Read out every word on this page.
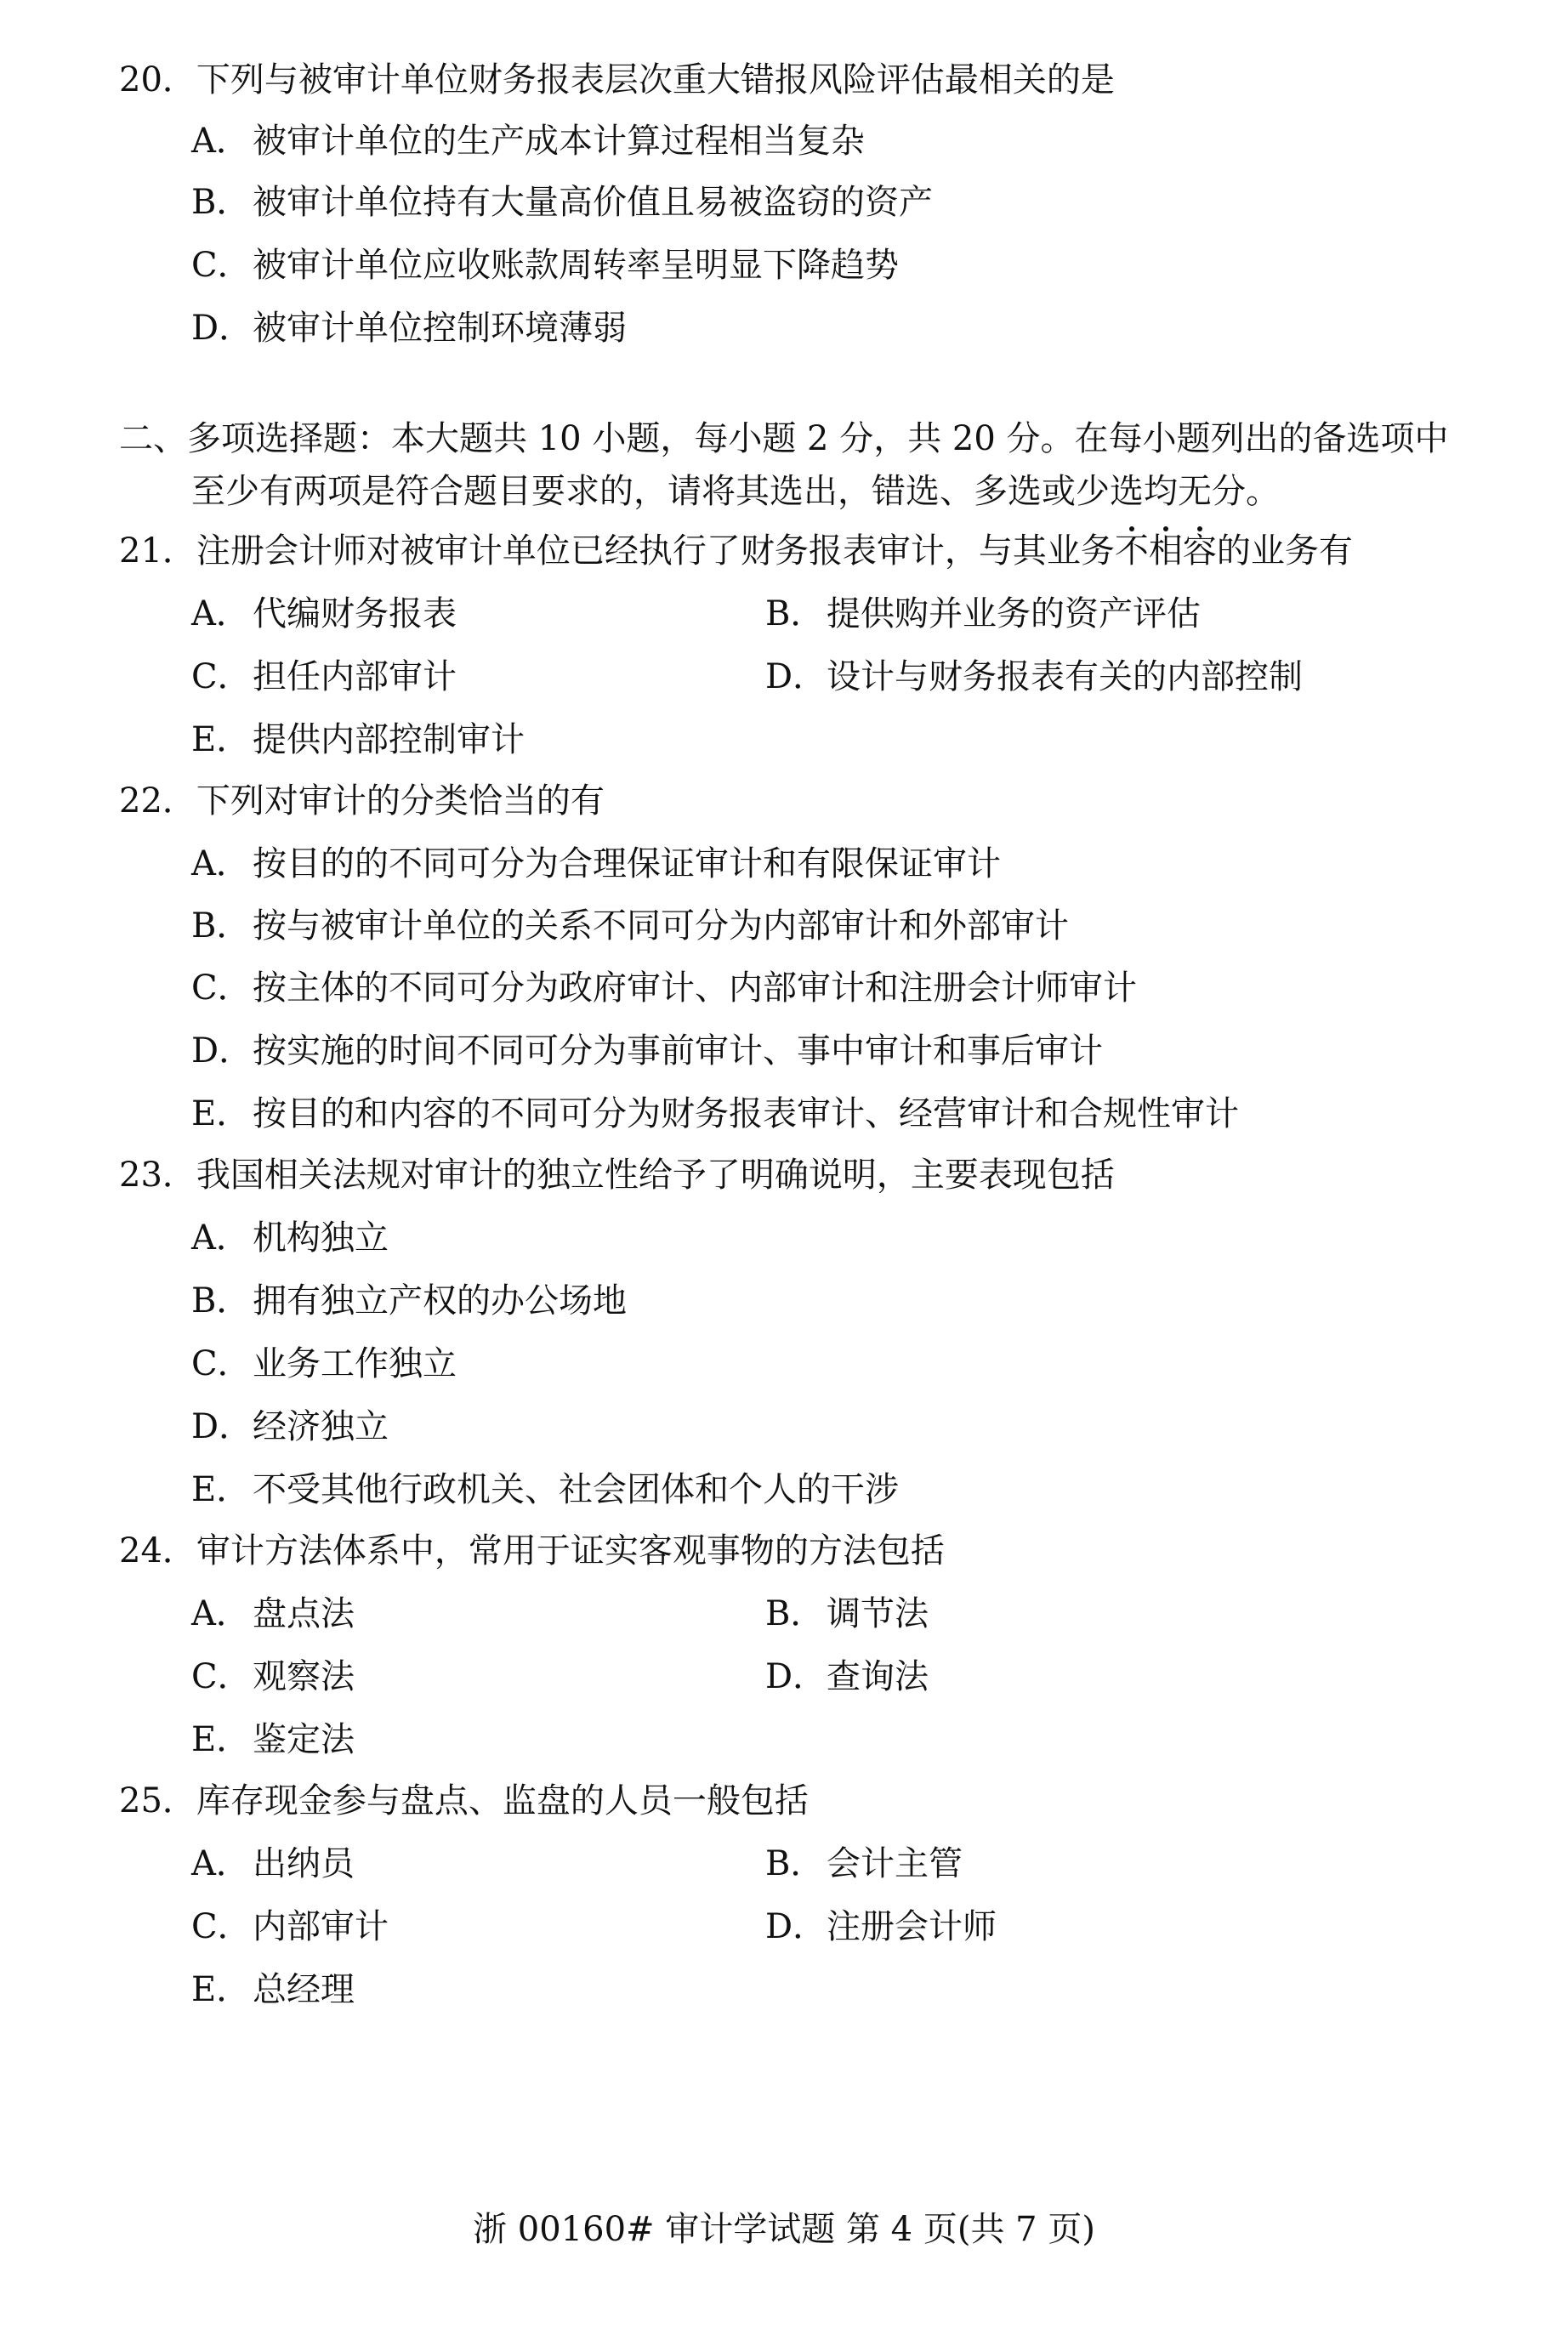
20．下列与被审计单位财务报表层次重大错报风险评估最相关的是
A．被审计单位的生产成本计算过程相当复杂
B．被审计单位持有大量高价值且易被盗窃的资产
C．被审计单位应收账款周转率呈明显下降趋势
D．被审计单位控制环境薄弱
二、多项选择题：本大题共 10 小题，每小题 2 分，共 20 分。在每小题列出的备选项中
至少有两项是符合题目要求的，请将其选出，错选、多选或少选均无分。
21．注册会计师对被审计单位已经执行了财务报表审计，与其业务不相容的业务有
A．代编财务报表	B．提供购并业务的资产评估
C．担任内部审计	D．设计与财务报表有关的内部控制
E．提供内部控制审计
22．下列对审计的分类恰当的有
A．按目的的不同可分为合理保证审计和有限保证审计
B．按与被审计单位的关系不同可分为内部审计和外部审计
C．按主体的不同可分为政府审计、内部审计和注册会计师审计
D．按实施的时间不同可分为事前审计、事中审计和事后审计
E．按目的和内容的不同可分为财务报表审计、经营审计和合规性审计
23．我国相关法规对审计的独立性给予了明确说明，主要表现包括
A．机构独立
B．拥有独立产权的办公场地
C．业务工作独立
D．经济独立
E．不受其他行政机关、社会团体和个人的干涉
24．审计方法体系中，常用于证实客观事物的方法包括
A．盘点法	B．调节法
C．观察法	D．查询法
E．鉴定法
25．库存现金参与盘点、监盘的人员一般包括
A．出纳员	B．会计主管
C．内部审计	D．注册会计师
E．总经理
浙 00160# 审计学试题 第 4 页(共 7 页)
